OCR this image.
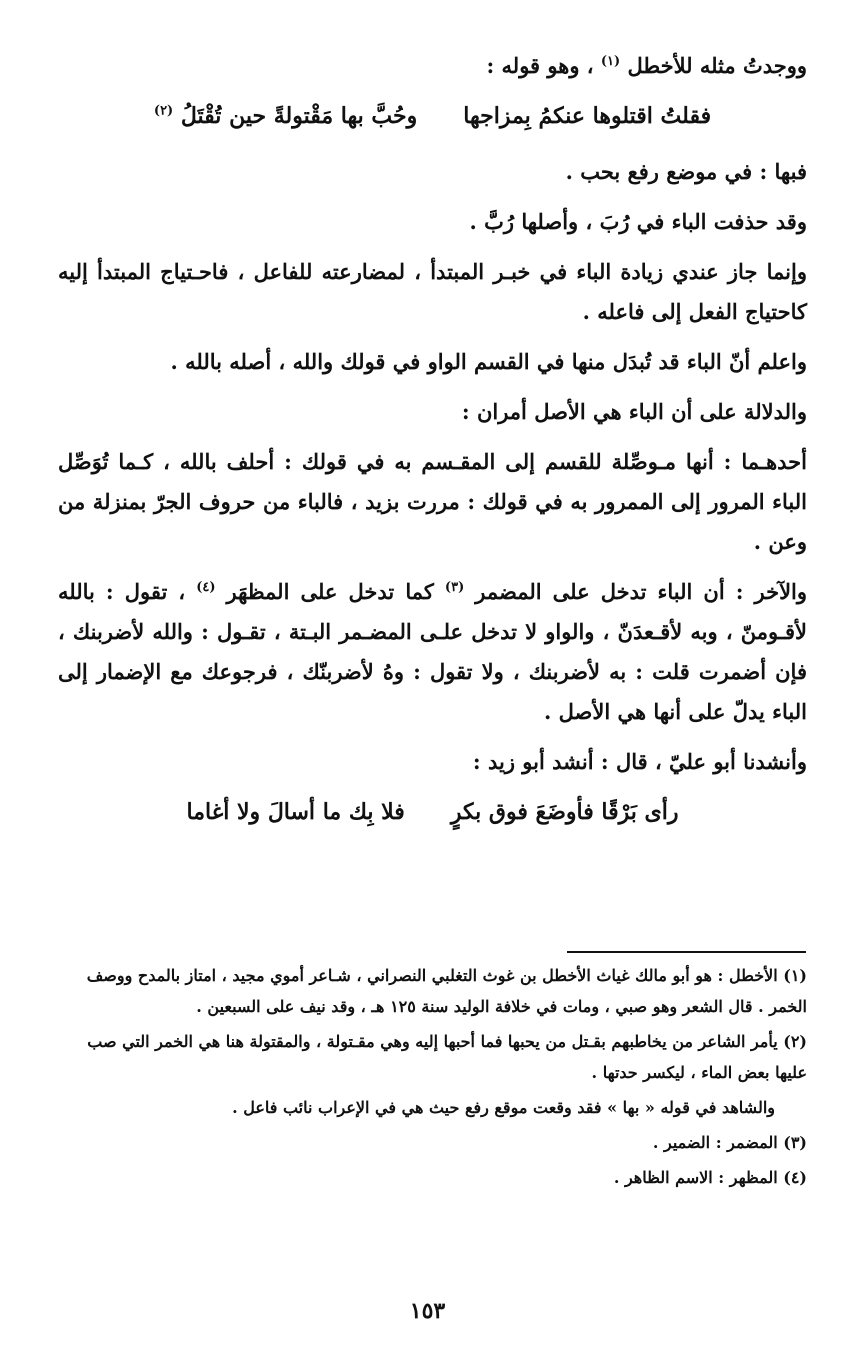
ووجدتُ مثله للأخطل $^{(١)}$ ، وهو قوله :

فقلتُ اقتلوها عنكمُ بِمزاجها
وحُبَّ بها مَقْتولةً حين تُقْتَلُ $^{(٢)}$

فبها : في موضع رفع بحب .

وقد حذفت الباء في رُبَ ، وأصلها رُبَّ .

وإنما جاز عندي زيادة الباء في خبـر المبتدأ ، لمضارعته للفاعل ، فاحـتياج المبتدأ إليه كاحتياج الفعل إلى فاعله .

واعلم أنّ الباء قد تُبدَل منها في القسم الواو في قولك والله ، أصله بالله .

والدلالة على أن الباء هي الأصل أمران :

أحدهـما : أنها مـوصِّلة للقسم إلى المقـسم به في قولك : أحلف بالله ، كـما تُوَصِّل الباء المرور إلى الممرور به في قولك : مررت بزيد ، فالباء من حروف الجرّ بمنزلة من وعن .

والآخر : أن الباء تدخل على المضمر $^{(٣)}$ كما تدخل على المظهَر $^{(٤)}$ ، تقول : بالله لأقـومنّ ، وبه لأقـعدَنّ ، والواو لا تدخل علـى المضـمر البـتة ، تقـول : والله لأضربنك ، فإن أضمرت قلت : به لأضربنك ، ولا تقول : وهُ لأضربنّك ، فرجوعك مع الإضمار إلى الباء يدلّ على أنها هي الأصل .

وأنشدنا أبو عليّ ، قال : أنشد أبو زيد :

رأى بَرْقًا فأوضَعَ فوق بكرٍ
فلا بِك ما أسالَ ولا أغاما
(١) الأخطل : هو أبو مالك غياث الأخطل بن غوث التغلبي النصراني ، شـاعر أموي مجيد ، امتاز بالمدح ووصف الخمر . قال الشعر وهو صبي ، ومات في خلافة الوليد سنة ١٢٥ هـ ، وقد نيف على السبعين .
(٢) يأمر الشاعر من يخاطبهم بقـتل من يحبها فما أحبها إليه وهي مقـتولة ، والمقتولة هنا هي الخمر التي صب عليها بعض الماء ، ليكسر حدتها .
والشاهد في قوله « بها » فقد وقعت موقع رفع حيث هي في الإعراب نائب فاعل .
(٣) المضمر : الضمير .
(٤) المظهر : الاسم الظاهر .
١٥٣
